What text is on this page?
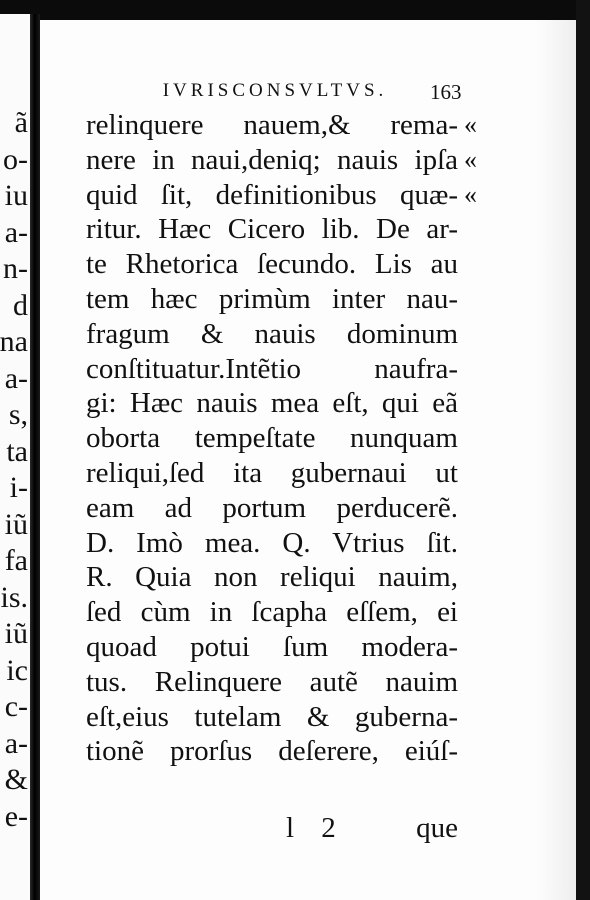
ã
o-
iu
a-
n-
d
na
a-
s,
ta
i-
iũ
fa
is.
iũ
ic
c-
a-
&
e-
IVRISCONSVLTVS.	163
relinquere nauem,& rema-
nere in naui,deniq; nauis ipſa
quid ſit, definitionibus quæ-
ritur. Hæc Cicero lib. De ar-
te Rhetorica ſecundo. Lis au
tem hæc primùm inter nau-
fragum & nauis dominum
conſtituatur.Intẽtio naufra-
gi: Hæc nauis mea eſt, qui eã
oborta tempeſtate nunquam
reliqui,ſed ita gubernaui ut
eam ad portum perducerẽ.
D. Imò mea. Q. Vtrius ſit.
R. Quia non reliqui nauim,
ſed cùm in ſcapha eſſem, ei
quoad potui ſum modera-
tus. Relinquere autẽ nauim
eſt,eius tutelam & guberna-
tionẽ prorſus deſerere, eiúſ-
«
«
«
l 2 que
